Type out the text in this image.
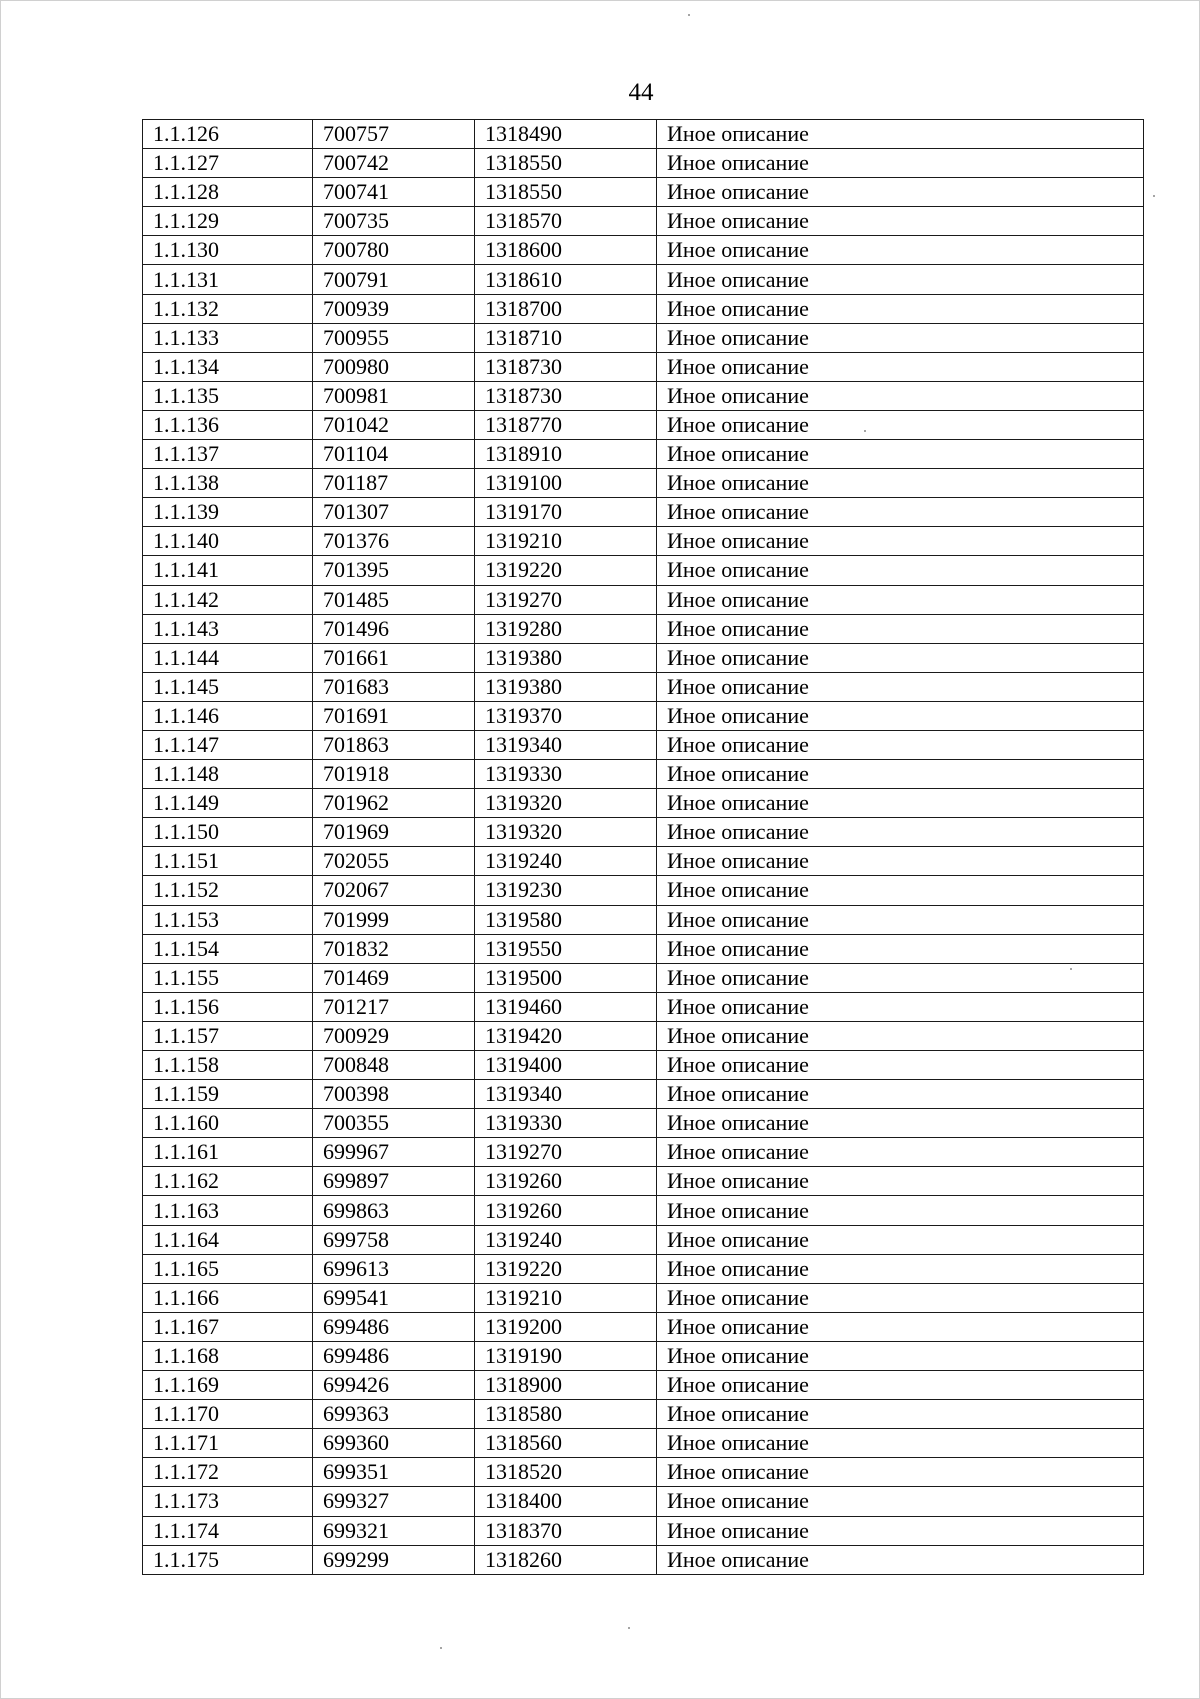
44
1.1.126	700757	1318490	Иное описание
1.1.127	700742	1318550	Иное описание
1.1.128	700741	1318550	Иное описание
1.1.129	700735	1318570	Иное описание
1.1.130	700780	1318600	Иное описание
1.1.131	700791	1318610	Иное описание
1.1.132	700939	1318700	Иное описание
1.1.133	700955	1318710	Иное описание
1.1.134	700980	1318730	Иное описание
1.1.135	700981	1318730	Иное описание
1.1.136	701042	1318770	Иное описание
1.1.137	701104	1318910	Иное описание
1.1.138	701187	1319100	Иное описание
1.1.139	701307	1319170	Иное описание
1.1.140	701376	1319210	Иное описание
1.1.141	701395	1319220	Иное описание
1.1.142	701485	1319270	Иное описание
1.1.143	701496	1319280	Иное описание
1.1.144	701661	1319380	Иное описание
1.1.145	701683	1319380	Иное описание
1.1.146	701691	1319370	Иное описание
1.1.147	701863	1319340	Иное описание
1.1.148	701918	1319330	Иное описание
1.1.149	701962	1319320	Иное описание
1.1.150	701969	1319320	Иное описание
1.1.151	702055	1319240	Иное описание
1.1.152	702067	1319230	Иное описание
1.1.153	701999	1319580	Иное описание
1.1.154	701832	1319550	Иное описание
1.1.155	701469	1319500	Иное описание
1.1.156	701217	1319460	Иное описание
1.1.157	700929	1319420	Иное описание
1.1.158	700848	1319400	Иное описание
1.1.159	700398	1319340	Иное описание
1.1.160	700355	1319330	Иное описание
1.1.161	699967	1319270	Иное описание
1.1.162	699897	1319260	Иное описание
1.1.163	699863	1319260	Иное описание
1.1.164	699758	1319240	Иное описание
1.1.165	699613	1319220	Иное описание
1.1.166	699541	1319210	Иное описание
1.1.167	699486	1319200	Иное описание
1.1.168	699486	1319190	Иное описание
1.1.169	699426	1318900	Иное описание
1.1.170	699363	1318580	Иное описание
1.1.171	699360	1318560	Иное описание
1.1.172	699351	1318520	Иное описание
1.1.173	699327	1318400	Иное описание
1.1.174	699321	1318370	Иное описание
1.1.175	699299	1318260	Иное описание
